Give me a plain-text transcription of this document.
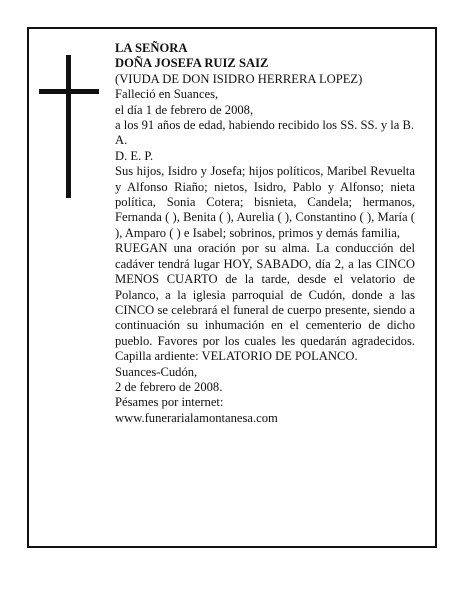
LA SEÑORA

DOÑA JOSEFA RUIZ SAIZ

(VIUDA DE DON ISIDRO HERRERA LOPEZ)

Falleció en Suances,

el día 1 de febrero de 2008,

a los 91 años de edad, habiendo recibido los SS. SS. y la B. A.

D. E. P.

Sus hijos, Isidro y Josefa; hijos políticos, Maribel Revuelta y Alfonso Riaño; nietos, Isidro, Pablo y Alfonso; nieta política, Sonia Cotera; bisnieta, Candela; hermanos, Fernanda ( ), Benita ( ), Aurelia ( ), Constantino ( ), María ( ), Amparo ( ) e Isabel; sobrinos, primos y demás familia,

RUEGAN una oración por su alma. La conducción del cadáver tendrá lugar HOY, SABADO, día 2, a las CINCO MENOS CUARTO de la tarde, desde el velatorio de Polanco, a la iglesia parroquial de Cudón, donde a las CINCO se celebrará el funeral de cuerpo presente, siendo a continuación su inhumación en el cementerio de dicho pueblo. Favores por los cuales les quedarán agradecidos. Capilla ardiente: VELATORIO DE POLANCO.

Suances-Cudón,

2 de febrero de 2008.

Pésames por internet:

www.funerarialamontanesa.com
